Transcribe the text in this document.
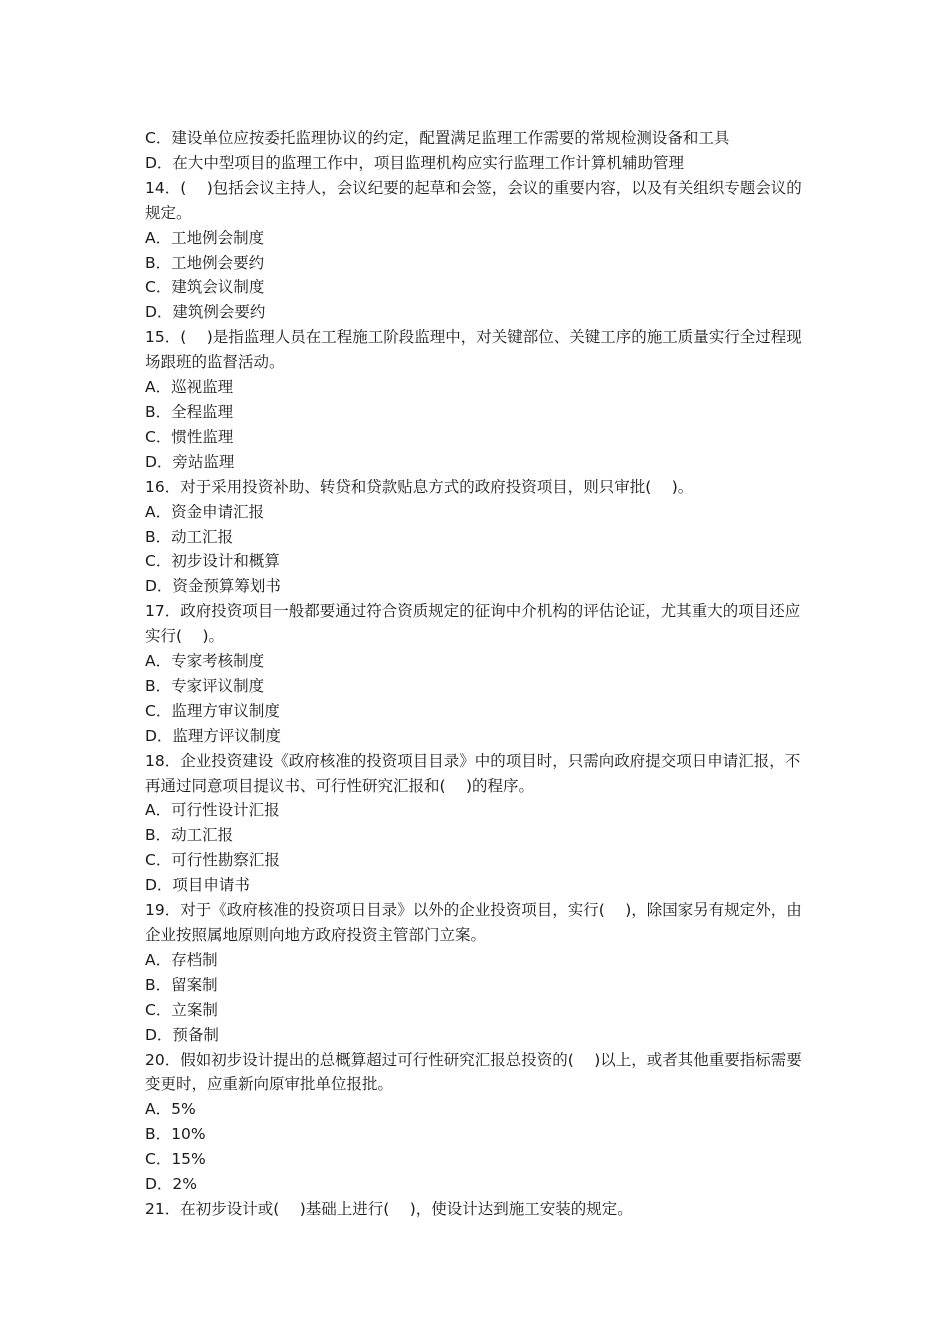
C．建设单位应按委托监理协议的约定，配置满足监理工作需要的常规检测设备和工具

D．在大中型项目的监理工作中，项目监理机构应实行监理工作计算机辅助管理

14．(　 )包括会议主持人，会议纪要的起草和会签，会议的重要内容，以及有关组织专题会议的规定。

A．工地例会制度

B．工地例会要约

C．建筑会议制度

D．建筑例会要约

15．(　 )是指监理人员在工程施工阶段监理中，对关键部位、关键工序的施工质量实行全过程现场跟班的监督活动。

A．巡视监理

B．全程监理

C．惯性监理

D．旁站监理

16．对于采用投资补助、转贷和贷款贴息方式的政府投资项目，则只审批(　 )。

A．资金申请汇报

B．动工汇报

C．初步设计和概算

D．资金预算筹划书

17．政府投资项目一般都要通过符合资质规定的征询中介机构的评估论证，尤其重大的项目还应实行(　 )。

A．专家考核制度

B．专家评议制度

C．监理方审议制度

D．监理方评议制度

18．企业投资建设《政府核准的投资项目目录》中的项目时，只需向政府提交项日申请汇报，不再通过同意项目提议书、可行性研究汇报和(　 )的程序。

A．可行性设计汇报

B．动工汇报

C．可行性勘察汇报

D．项目申请书

19．对于《政府核准的投资项日目录》以外的企业投资项目，实行(　 )，除国家另有规定外，由企业按照属地原则向地方政府投资主管部门立案。

A．存档制

B．留案制

C．立案制

D．预备制

20．假如初步设计提出的总概算超过可行性研究汇报总投资的(　 )以上，或者其他重要指标需要变更时，应重新向原审批单位报批。

A．5%

B．10%

C．15%

D．2%

21．在初步设计或(　 )基础上进行(　 )，使设计达到施工安装的规定。
